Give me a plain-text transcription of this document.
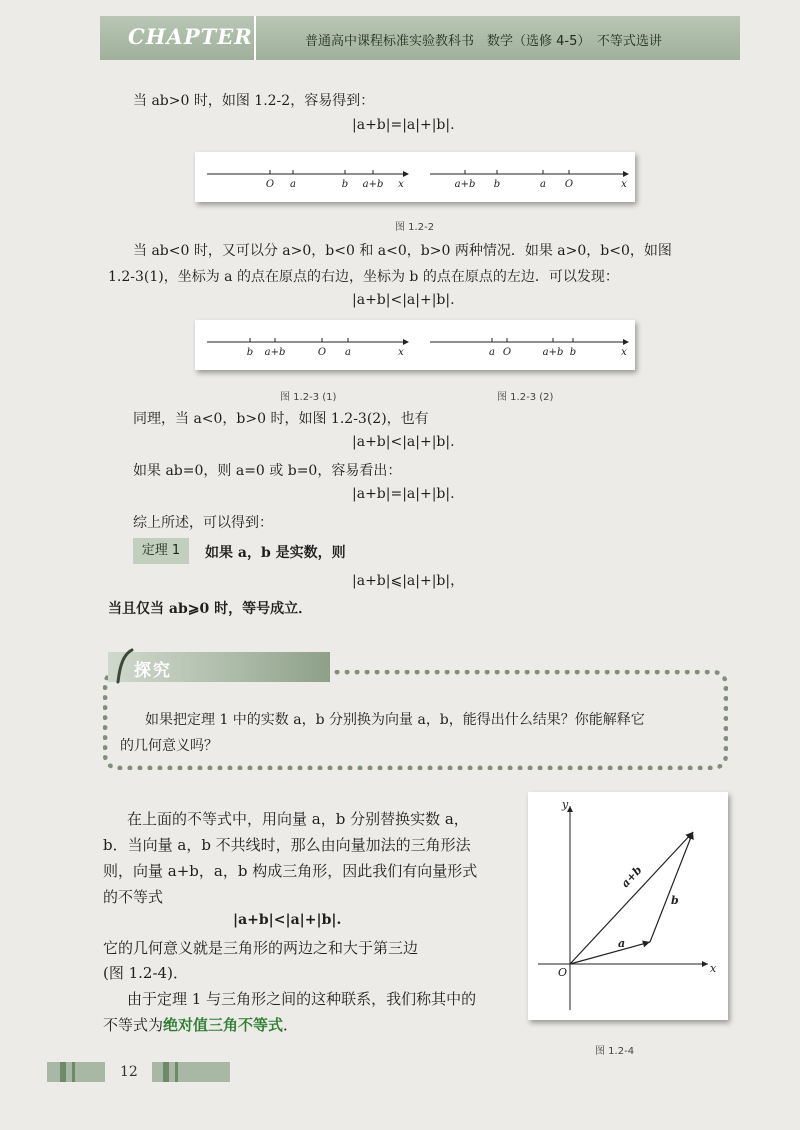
CHAPTER	普通高中课程标准实验教科书　数学（选修 4-5）　不等式选讲
当 ab>0 时，如图 1.2-2，容易得到：
|a+b|=|a|+|b|.
O a	b a+b x	a+b b	a O	x
图 1.2-2
当 ab<0 时，又可以分 a>0，b<0 和 a<0，b>0 两种情况．如果 a>0，b<0，如图
1.2-3(1)，坐标为 a 的点在原点的右边，坐标为 b 的点在原点的左边．可以发现：
|a+b|<|a|+|b|.
b a+b	O a	x	a O	a+b b	x
图 1.2-3 (1)	图 1.2-3 (2)
同理，当 a<0，b>0 时，如图 1.2-3(2)，也有
|a+b|<|a|+|b|.
如果 ab=0，则 a=0 或 b=0，容易看出：
|a+b|=|a|+|b|.
综上所述，可以得到：
定理 1	如果 a，b 是实数，则
|a+b|⩽|a|+|b|，
当且仅当 ab⩾0 时，等号成立．
探究
如果把定理 1 中的实数 a，b 分别换为向量 a，b，能得出什么结果？你能解释它
的几何意义吗？
在上面的不等式中，用向量 a，b 分别替换实数 a，
b．当向量 a，b 不共线时，那么由向量加法的三角形法
则，向量 a+b，a，b 构成三角形，因此我们有向量形式
的不等式
|a+b|<|a|+|b|.
它的几何意义就是三角形的两边之和大于第三边
(图 1.2-4)．
由于定理 1 与三角形之间的这种联系，我们称其中的
不等式为绝对值三角不等式．
y
x
O
a
b
a+b
图 1.2-4
12
